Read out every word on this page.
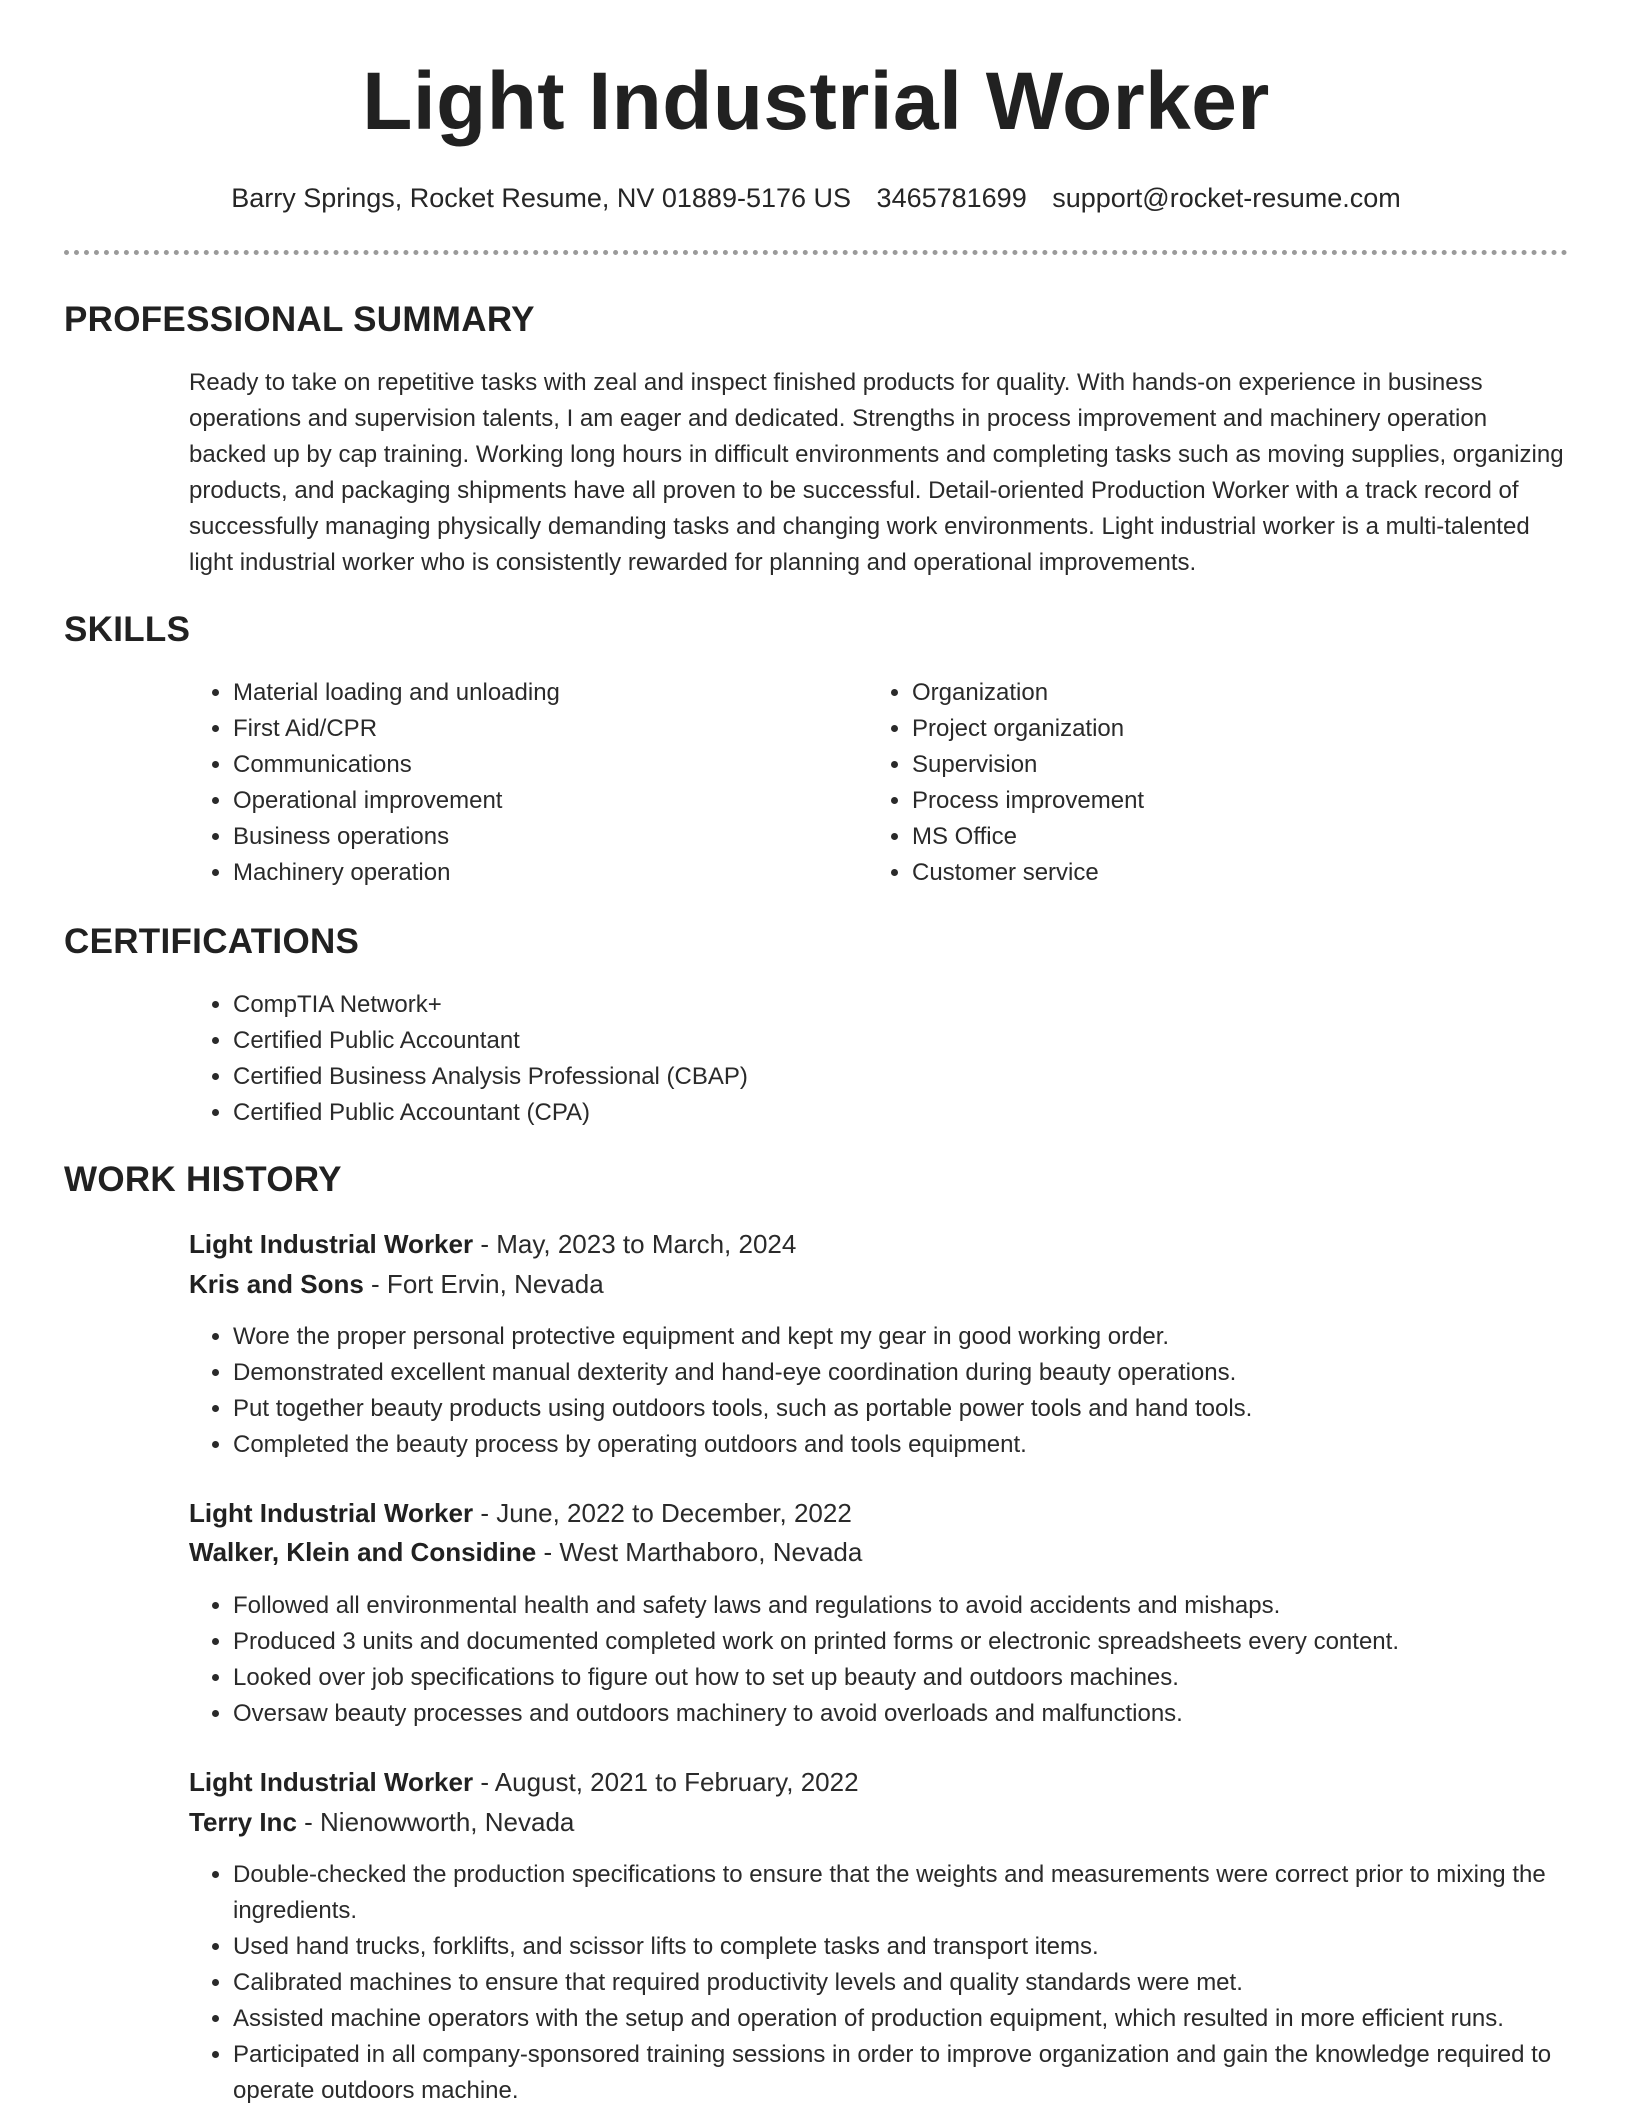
Light Industrial Worker
Barry Springs, Rocket Resume, NV 01889-5176 US 3465781699 support@rocket-resume.com
PROFESSIONAL SUMMARY

Ready to take on repetitive tasks with zeal and inspect finished products for quality. With hands-on experience in business operations and supervision talents, I am eager and dedicated. Strengths in process improvement and machinery operation backed up by cap training. Working long hours in difficult environments and completing tasks such as moving supplies, organizing products, and packaging shipments have all proven to be successful. Detail-oriented Production Worker with a track record of successfully managing physically demanding tasks and changing work environments. Light industrial worker is a multi-talented light industrial worker who is consistently rewarded for planning and operational improvements.

SKILLS
• Material loading and unloading
• First Aid/CPR
• Communications
• Operational improvement
• Business operations
• Machinery operation
• Organization
• Project organization
• Supervision
• Process improvement
• MS Office
• Customer service
CERTIFICATIONS
• CompTIA Network+
• Certified Public Accountant
• Certified Business Analysis Professional (CBAP)
• Certified Public Accountant (CPA)
WORK HISTORY
Light Industrial Worker - May, 2023 to March, 2024
Kris and Sons - Fort Ervin, Nevada
• Wore the proper personal protective equipment and kept my gear in good working order.
• Demonstrated excellent manual dexterity and hand-eye coordination during beauty operations.
• Put together beauty products using outdoors tools, such as portable power tools and hand tools.
• Completed the beauty process by operating outdoors and tools equipment.
Light Industrial Worker - June, 2022 to December, 2022
Walker, Klein and Considine - West Marthaboro, Nevada
• Followed all environmental health and safety laws and regulations to avoid accidents and mishaps.
• Produced 3 units and documented completed work on printed forms or electronic spreadsheets every content.
• Looked over job specifications to figure out how to set up beauty and outdoors machines.
• Oversaw beauty processes and outdoors machinery to avoid overloads and malfunctions.
Light Industrial Worker - August, 2021 to February, 2022
Terry Inc - Nienowworth, Nevada
• Double-checked the production specifications to ensure that the weights and measurements were correct prior to mixing the ingredients.
• Used hand trucks, forklifts, and scissor lifts to complete tasks and transport items.
• Calibrated machines to ensure that required productivity levels and quality standards were met.
• Assisted machine operators with the setup and operation of production equipment, which resulted in more efficient runs.
• Participated in all company-sponsored training sessions in order to improve organization and gain the knowledge required to operate outdoors machine.
